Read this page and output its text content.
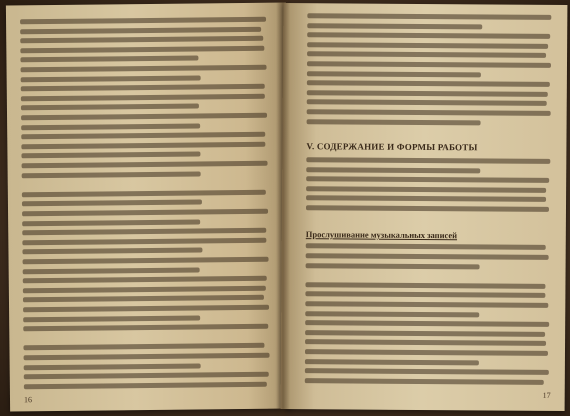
16
V. СОДЕРЖАНИЕ И ФОРМЫ РАБОТЫ
Прослушивание музыкальных записей
17
